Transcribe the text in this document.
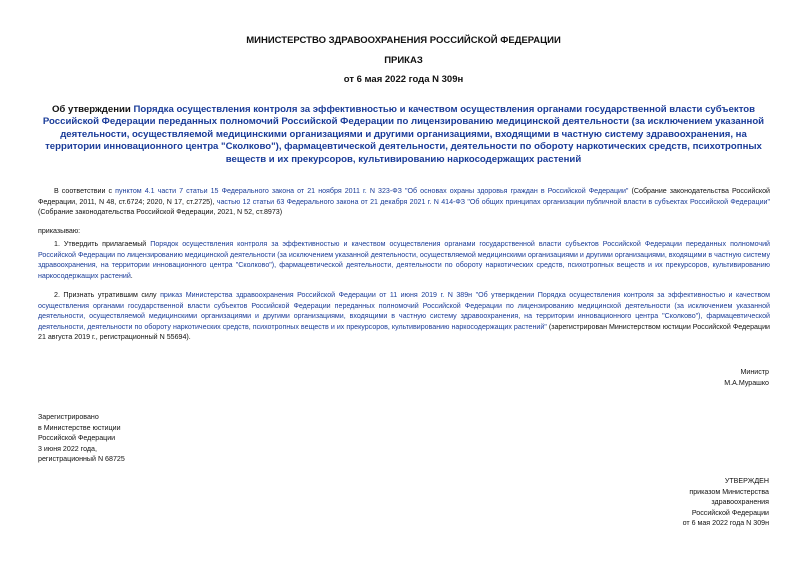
МИНИСТЕРСТВО ЗДРАВООХРАНЕНИЯ РОССИЙСКОЙ ФЕДЕРАЦИИ
ПРИКАЗ
от 6 мая 2022 года N 309н
Об утверждении Порядка осуществления контроля за эффективностью и качеством осуществления органами государственной власти субъектов Российской Федерации переданных полномочий Российской Федерации по лицензированию медицинской деятельности (за исключением указанной деятельности, осуществляемой медицинскими организациями и другими организациями, входящими в частную систему здравоохранения, на территории инновационного центра "Сколково"), фармацевтической деятельности, деятельности по обороту наркотических средств, психотропных веществ и их прекурсоров, культивированию наркосодержащих растений
В соответствии с пунктом 4.1 части 7 статьи 15 Федерального закона от 21 ноября 2011 г. N 323-ФЗ "Об основах охраны здоровья граждан в Российской Федерации" (Собрание законодательства Российской Федерации, 2011, N 48, ст.6724; 2020, N 17, ст.2725), частью 12 статьи 63 Федерального закона от 21 декабря 2021 г. N 414-ФЗ "Об общих принципах организации публичной власти в субъектах Российской Федерации" (Собрание законодательства Российской Федерации, 2021, N 52, ст.8973)
приказываю:
1. Утвердить прилагаемый Порядок осуществления контроля за эффективностью и качеством осуществления органами государственной власти субъектов Российской Федерации переданных полномочий Российской Федерации по лицензированию медицинской деятельности (за исключением указанной деятельности, осуществляемой медицинскими организациями и другими организациями, входящими в частную систему здравоохранения, на территории инновационного центра "Сколково"), фармацевтической деятельности, деятельности по обороту наркотических средств, психотропных веществ и их прекурсоров, культивированию наркосодержащих растений.
2. Признать утратившим силу приказ Министерства здравоохранения Российской Федерации от 11 июня 2019 г. N 389н "Об утверждении Порядка осуществления контроля за эффективностью и качеством осуществления органами государственной власти субъектов Российской Федерации переданных полномочий Российской Федерации по лицензированию медицинской деятельности (за исключением указанной деятельности, осуществляемой медицинскими организациями и другими организациями, входящими в частную систему здравоохранения, на территории инновационного центра "Сколково"), фармацевтической деятельности, деятельности по обороту наркотических средств, психотропных веществ и их прекурсоров, культивированию наркосодержащих растений" (зарегистрирован Министерством юстиции Российской Федерации 21 августа 2019 г., регистрационный N 55694).
Министр
М.А.Мурашко
Зарегистрировано
в Министерстве юстиции
Российской Федерации
3 июня 2022 года,
регистрационный N 68725
УТВЕРЖДЕН
приказом Министерства
здравоохранения
Российской Федерации
от 6 мая 2022 года N 309н
